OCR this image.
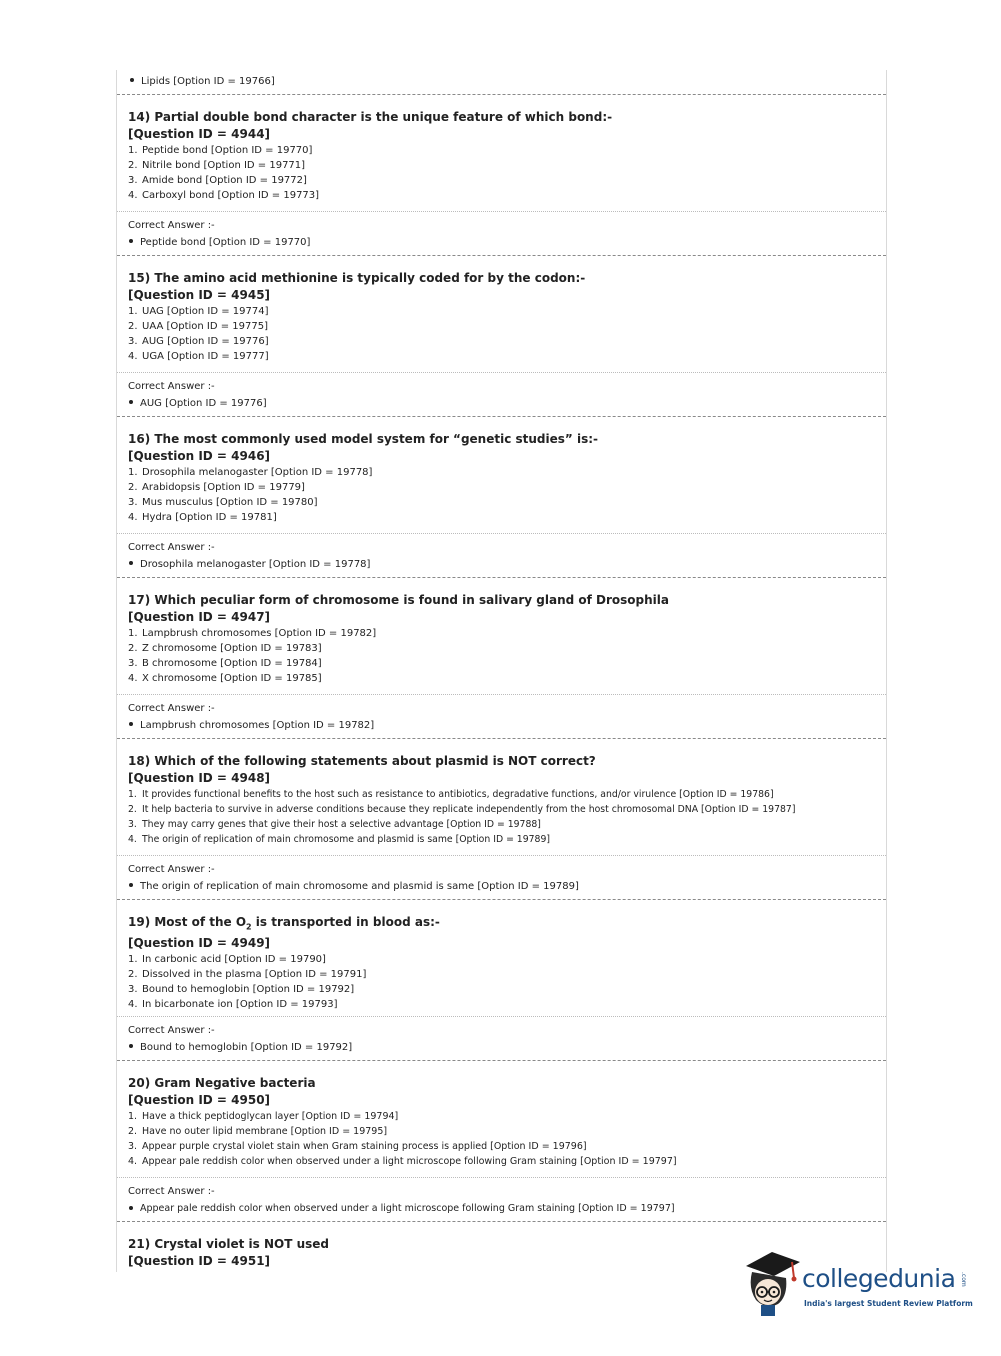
Lipids [Option ID = 19766]
14) Partial double bond character is the unique feature of which bond:-
[Question ID = 4944]
1. Peptide bond [Option ID = 19770]
2. Nitrile bond [Option ID = 19771]
3. Amide bond [Option ID = 19772]
4. Carboxyl bond [Option ID = 19773]
Correct Answer :-
Peptide bond [Option ID = 19770]
15) The amino acid methionine is typically coded for by the codon:-
[Question ID = 4945]
1. UAG [Option ID = 19774]
2. UAA [Option ID = 19775]
3. AUG [Option ID = 19776]
4. UGA [Option ID = 19777]
Correct Answer :-
AUG [Option ID = 19776]
16) The most commonly used model system for “genetic studies” is:-
[Question ID = 4946]
1. Drosophila melanogaster [Option ID = 19778]
2. Arabidopsis [Option ID = 19779]
3. Mus musculus [Option ID = 19780]
4. Hydra [Option ID = 19781]
Correct Answer :-
Drosophila melanogaster [Option ID = 19778]
17) Which peculiar form of chromosome is found in salivary gland of Drosophila
[Question ID = 4947]
1. Lampbrush chromosomes [Option ID = 19782]
2. Z chromosome [Option ID = 19783]
3. B chromosome [Option ID = 19784]
4. X chromosome [Option ID = 19785]
Correct Answer :-
Lampbrush chromosomes [Option ID = 19782]
18) Which of the following statements about plasmid is NOT correct?
[Question ID = 4948]
1. It provides functional benefits to the host such as resistance to antibiotics, degradative functions, and/or virulence [Option ID = 19786]
2. It help bacteria to survive in adverse conditions because they replicate independently from the host chromosomal DNA [Option ID = 19787]
3. They may carry genes that give their host a selective advantage [Option ID = 19788]
4. The origin of replication of main chromosome and plasmid is same [Option ID = 19789]
Correct Answer :-
The origin of replication of main chromosome and plasmid is same [Option ID = 19789]
19) Most of the $O_2$ is transported in blood as:-
[Question ID = 4949]
1. In carbonic acid [Option ID = 19790]
2. Dissolved in the plasma [Option ID = 19791]
3. Bound to hemoglobin [Option ID = 19792]
4. In bicarbonate ion [Option ID = 19793]
Correct Answer :-
Bound to hemoglobin [Option ID = 19792]
20) Gram Negative bacteria
[Question ID = 4950]
1. Have a thick peptidoglycan layer [Option ID = 19794]
2. Have no outer lipid membrane [Option ID = 19795]
3. Appear purple crystal violet stain when Gram staining process is applied [Option ID = 19796]
4. Appear pale reddish color when observed under a light microscope following Gram staining [Option ID = 19797]
Correct Answer :-
Appear pale reddish color when observed under a light microscope following Gram staining [Option ID = 19797]
21) Crystal violet is NOT used
[Question ID = 4951]
collegedunia .com
India's largest Student Review Platform
